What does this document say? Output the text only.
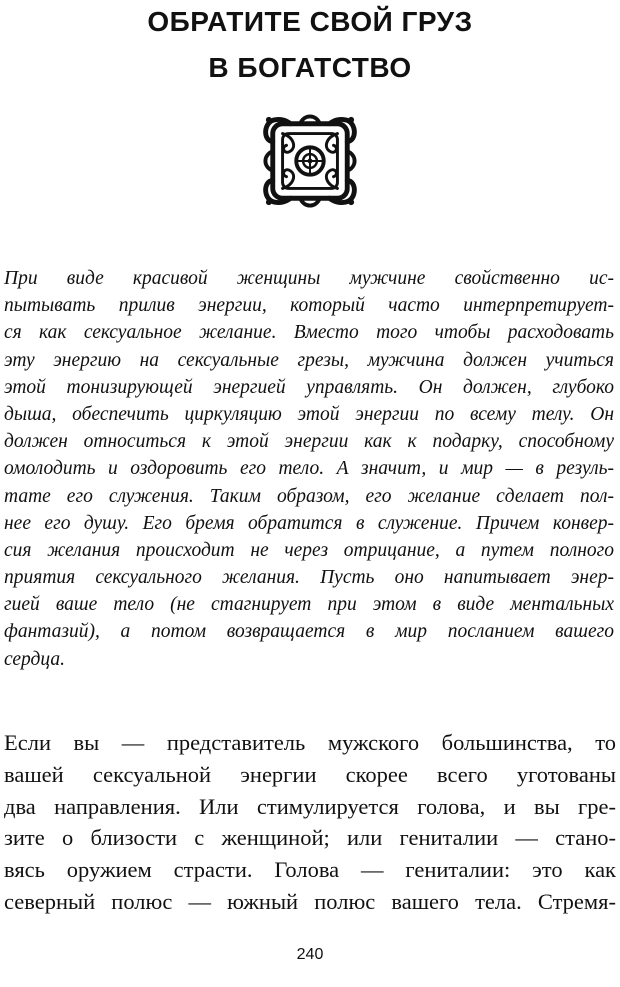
ОБРАТИТЕ СВОЙ ГРУЗ
В БОГАТСТВО
При виде красивой женщины мужчине свойственно ис-
пытывать прилив энергии, который часто интерпретирует-
ся как сексуальное желание. Вместо того чтобы расходовать
эту энергию на сексуальные грезы, мужчина должен учиться
этой тонизирующей энергией управлять. Он должен, глубоко
дыша, обеспечить циркуляцию этой энергии по всему телу. Он
должен относиться к этой энергии как к подарку, способному
омолодить и оздоровить его тело. А значит, и мир — в резуль-
тате его служения. Таким образом, его желание сделает пол-
нее его душу. Его бремя обратится в служение. Причем конвер-
сия желания происходит не через отрицание, а путем полного
приятия сексуального желания. Пусть оно напитывает энер-
гией ваше тело (не стагнирует при этом в виде ментальных
фантазий), а потом возвращается в мир посланием вашего
сердца.
Если вы — представитель мужского большинства, то
вашей сексуальной энергии скорее всего уготованы
два направления. Или стимулируется голова, и вы гре-
зите о близости с женщиной; или гениталии — стано-
вясь оружием страсти. Голова — гениталии: это как
северный полюс — южный полюс вашего тела. Стремя-
240
